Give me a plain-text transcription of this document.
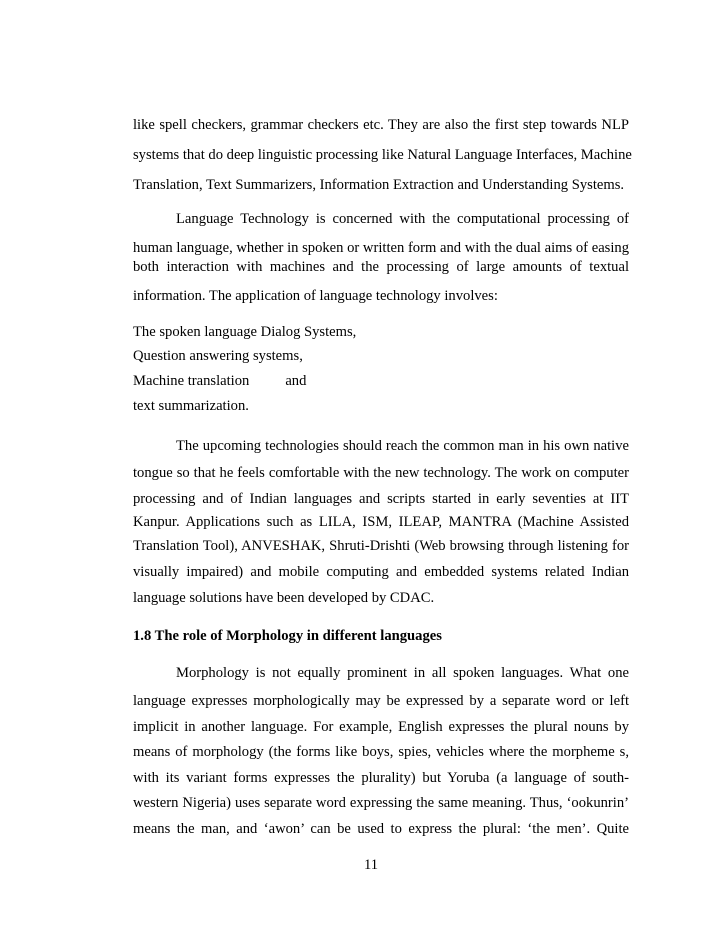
like spell checkers, grammar checkers etc. They are also the first step towards NLP
systems that do deep linguistic processing like Natural Language Interfaces, Machine
Translation, Text Summarizers, Information Extraction and Understanding Systems.
Language Technology is concerned with the computational processing of
human language, whether in spoken or written form and with the dual aims of easing
both interaction with machines and the processing of large amounts of textual
information. The application of language technology involves:
The spoken language Dialog Systems,
Question answering systems,
Machine translation and
text summarization.
The upcoming technologies should reach the common man in his own native
tongue so that he feels comfortable with the new technology. The work on computer
processing and of Indian languages and scripts started in early seventies at IIT
Kanpur. Applications such as LILA, ISM, ILEAP, MANTRA (Machine Assisted
Translation Tool), ANVESHAK, Shruti-Drishti (Web browsing through listening for
visually impaired) and mobile computing and embedded systems related Indian
language solutions have been developed by CDAC.
1.8 The role of Morphology in different languages
Morphology is not equally prominent in all spoken languages. What one
language expresses morphologically may be expressed by a separate word or left
implicit in another language. For example, English expresses the plural nouns by
means of morphology (the forms like boys, spies, vehicles where the morpheme s,
with its variant forms expresses the plurality) but Yoruba (a language of south-
western Nigeria) uses separate word expressing the same meaning. Thus, ‘ookunrin’
means the man, and ‘awon’ can be used to express the plural: ‘the men’. Quite
11
